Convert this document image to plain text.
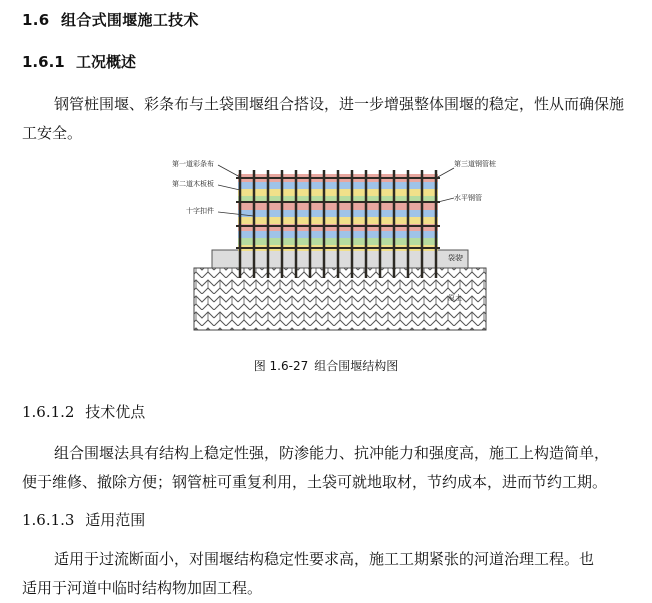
1.6 组合式围堰施工技术
1.6.1 工况概述
钢管桩围堰、彩条布与土袋围堰组合搭设，进一步增强整体围堰的稳定，性从而确保施工安全。
第一道彩条布
第二道木板板
十字扣件
第三道钢管桩
水平钢管
袋装
原土
图 1.6-27 组合围堰结构图
1.6.1.2 技术优点
组合围堰法具有结构上稳定性强，防渗能力、抗冲能力和强度高，施工上构造简单，
便于维修、撤除方便；钢管桩可重复利用，土袋可就地取材，节约成本，进而节约工期。
1.6.1.3 适用范围
适用于过流断面小，对围堰结构稳定性要求高，施工工期紧张的河道治理工程。也
适用于河道中临时结构物加固工程。
